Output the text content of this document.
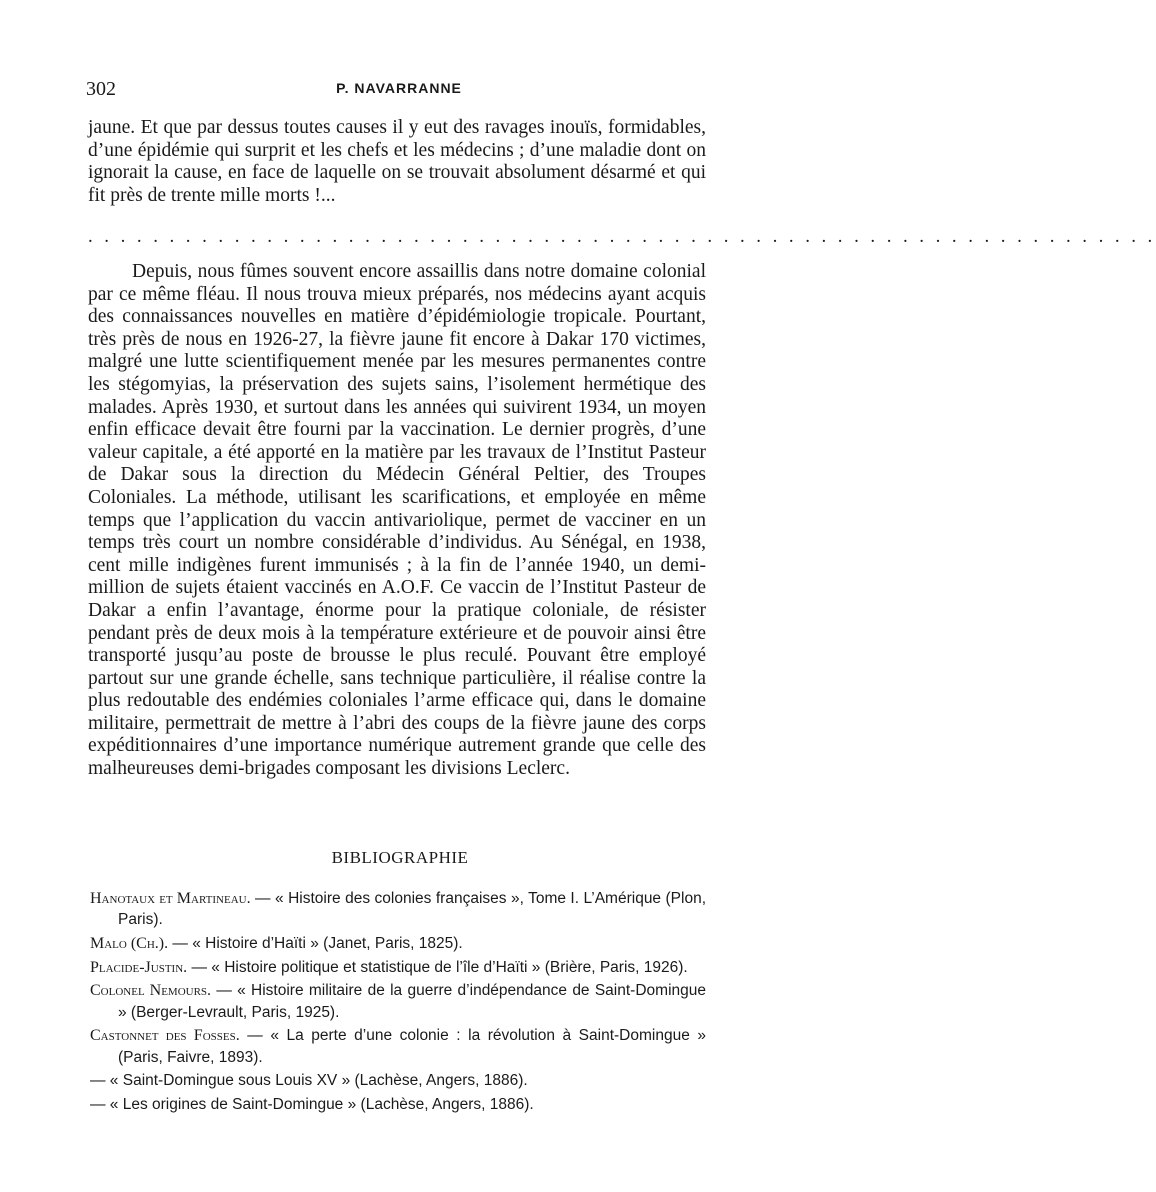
302	P. NAVARRANNE

jaune. Et que par dessus toutes causes il y eut des ravages inouïs, formidables, d’une épidémie qui surprit et les chefs et les médecins ; d’une maladie dont on ignorait la cause, en face de laquelle on se trouvait absolument désarmé et qui fit près de trente mille morts !...

. . . . . . . . . . . . . . . . . . . . . . . . . . . . . . . . . . . . . . . . . . . . . . . . . . . . . . . . . . . . . . . . . .

Depuis, nous fûmes souvent encore assaillis dans notre domaine colonial par ce même fléau. Il nous trouva mieux préparés, nos médecins ayant acquis des connaissances nouvelles en matière d’épidémiologie tropicale. Pourtant, très près de nous en 1926-27, la fièvre jaune fit encore à Dakar 170 victimes, malgré une lutte scientifiquement menée par les mesures permanentes contre les stégomyias, la préservation des sujets sains, l’isolement hermétique des malades. Après 1930, et surtout dans les années qui suivirent 1934, un moyen enfin efficace devait être fourni par la vaccination. Le dernier progrès, d’une valeur capitale, a été apporté en la matière par les travaux de l’Institut Pasteur de Dakar sous la direction du Médecin Général Peltier, des Troupes Coloniales. La méthode, utilisant les scarifications, et employée en même temps que l’application du vaccin antivariolique, permet de vacciner en un temps très court un nombre considérable d’individus. Au Sénégal, en 1938, cent mille indigènes furent immunisés ; à la fin de l’année 1940, un demi-million de sujets étaient vaccinés en A.O.F. Ce vaccin de l’Institut Pasteur de Dakar a enfin l’avantage, énorme pour la pratique coloniale, de résister pendant près de deux mois à la température extérieure et de pouvoir ainsi être transporté jusqu’au poste de brousse le plus reculé. Pouvant être employé partout sur une grande échelle, sans technique particulière, il réalise contre la plus redoutable des endémies coloniales l’arme efficace qui, dans le domaine militaire, permettrait de mettre à l’abri des coups de la fièvre jaune des corps expéditionnaires d’une importance numérique autrement grande que celle des malheureuses demi-brigades composant les divisions Leclerc.

BIBLIOGRAPHIE

Hanotaux et Martineau. — « Histoire des colonies françaises », Tome I. L’Amérique (Plon, Paris).

Malo (Ch.). — « Histoire d’Haïti » (Janet, Paris, 1825).

Placide-Justin. — « Histoire politique et statistique de l’île d’Haïti » (Brière, Paris, 1926).

Colonel Nemours. — « Histoire militaire de la guerre d’indépendance de Saint-Domingue » (Berger-Levrault, Paris, 1925).

Castonnet des Fosses. — « La perte d’une colonie : la révolution à Saint-Domingue » (Paris, Faivre, 1893).

— « Saint-Domingue sous Louis XV » (Lachèse, Angers, 1886).

— « Les origines de Saint-Domingue » (Lachèse, Angers, 1886).
